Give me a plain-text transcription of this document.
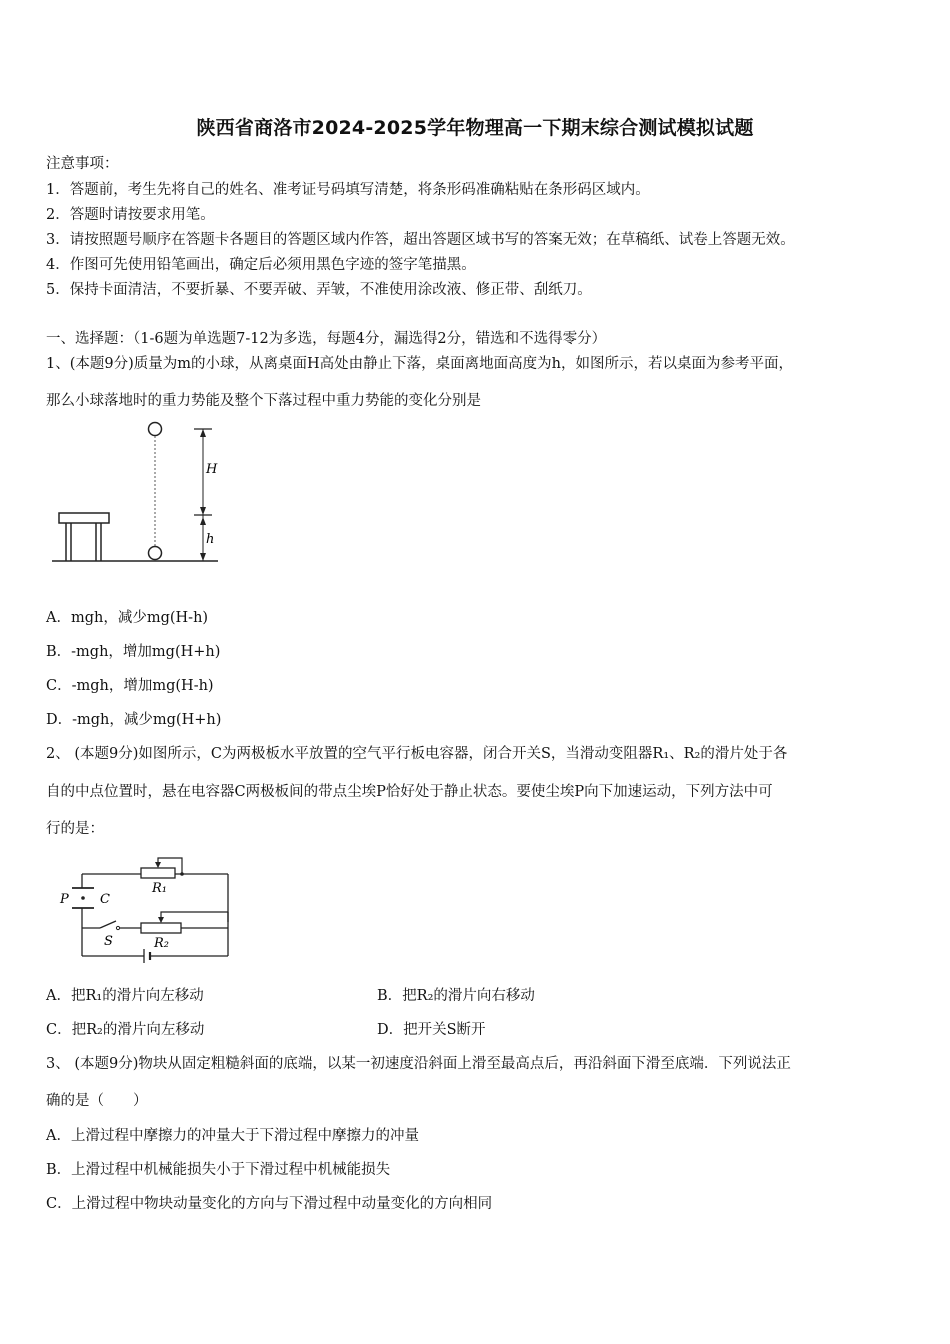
陕西省商洛市2024-2025学年物理高一下期末综合测试模拟试题
注意事项：
1．答题前，考生先将自己的姓名、准考证号码填写清楚，将条形码准确粘贴在条形码区域内。
2．答题时请按要求用笔。
3．请按照题号顺序在答题卡各题目的答题区域内作答，超出答题区域书写的答案无效；在草稿纸、试卷上答题无效。
4．作图可先使用铅笔画出，确定后必须用黑色字迹的签字笔描黑。
5．保持卡面清洁，不要折暴、不要弄破、弄皱，不准使用涂改液、修正带、刮纸刀。
一、选择题：（1-6题为单选题7-12为多选，每题4分，漏选得2分，错选和不选得零分）
1、(本题9分)质量为m的小球，从离桌面H高处由静止下落，桌面离地面高度为h，如图所示，若以桌面为参考平面，
那么小球落地时的重力势能及整个下落过程中重力势能的变化分别是
H
h
A．mgh，减少mg(H-h)
B．-mgh，增加mg(H+h)
C．-mgh，增加mg(H-h)
D．-mgh，减少mg(H+h)
2、 (本题9分)如图所示，C为两极板水平放置的空气平行板电容器，闭合开关S，当滑动变阻器R₁、R₂的滑片处于各
自的中点位置时，悬在电容器C两极板间的带点尘埃P恰好处于静止状态。要使尘埃P向下加速运动，下列方法中可
行的是：
R₁
P C
S	R₂
A．把R₁的滑片向左移动	B．把R₂的滑片向右移动
C．把R₂的滑片向左移动	D．把开关S断开
3、 (本题9分)物块从固定粗糙斜面的底端，以某一初速度沿斜面上滑至最高点后，再沿斜面下滑至底端．下列说法正
确的是（　　）
A．上滑过程中摩擦力的冲量大于下滑过程中摩擦力的冲量
B．上滑过程中机械能损失小于下滑过程中机械能损失
C．上滑过程中物块动量变化的方向与下滑过程中动量变化的方向相同
